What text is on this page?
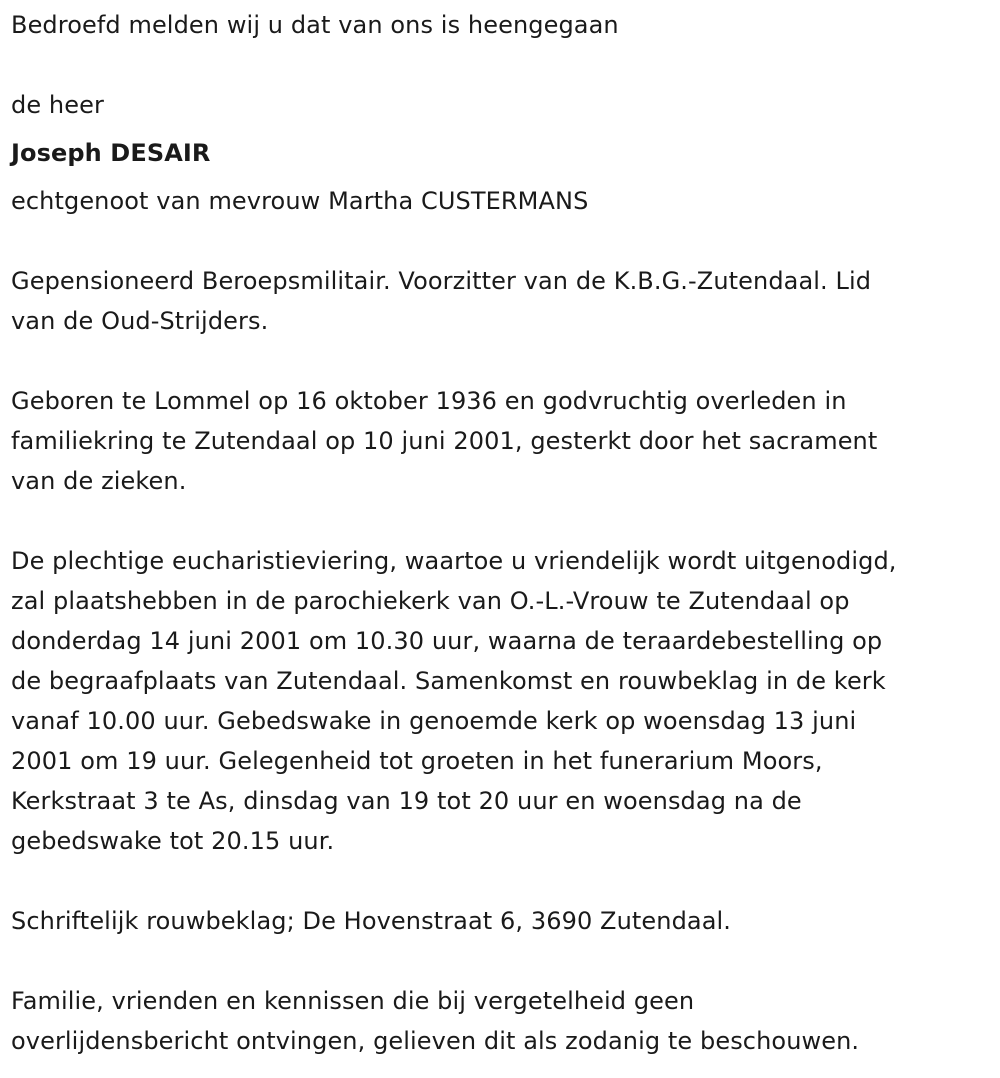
Bedroefd melden wij u dat van ons is heengegaan
de heer
Joseph DESAIR
echtgenoot van mevrouw Martha CUSTERMANS
Gepensioneerd Beroepsmilitair. Voorzitter van de K.B.G.-Zutendaal. Lid
van de Oud-Strijders.
Geboren te Lommel op 16 oktober 1936 en godvruchtig overleden in
familiekring te Zutendaal op 10 juni 2001, gesterkt door het sacrament
van de zieken.
De plechtige eucharistieviering, waartoe u vriendelijk wordt uitgenodigd,
zal plaatshebben in de parochiekerk van O.-L.-Vrouw te Zutendaal op
donderdag 14 juni 2001 om 10.30 uur, waarna de teraardebestelling op
de begraafplaats van Zutendaal. Samenkomst en rouwbeklag in de kerk
vanaf 10.00 uur. Gebedswake in genoemde kerk op woensdag 13 juni
2001 om 19 uur. Gelegenheid tot groeten in het funerarium Moors,
Kerkstraat 3 te As, dinsdag van 19 tot 20 uur en woensdag na de
gebedswake tot 20.15 uur.
Schriftelijk rouwbeklag; De Hovenstraat 6, 3690 Zutendaal.
Familie, vrienden en kennissen die bij vergetelheid geen
overlijdensbericht ontvingen, gelieven dit als zodanig te beschouwen.
